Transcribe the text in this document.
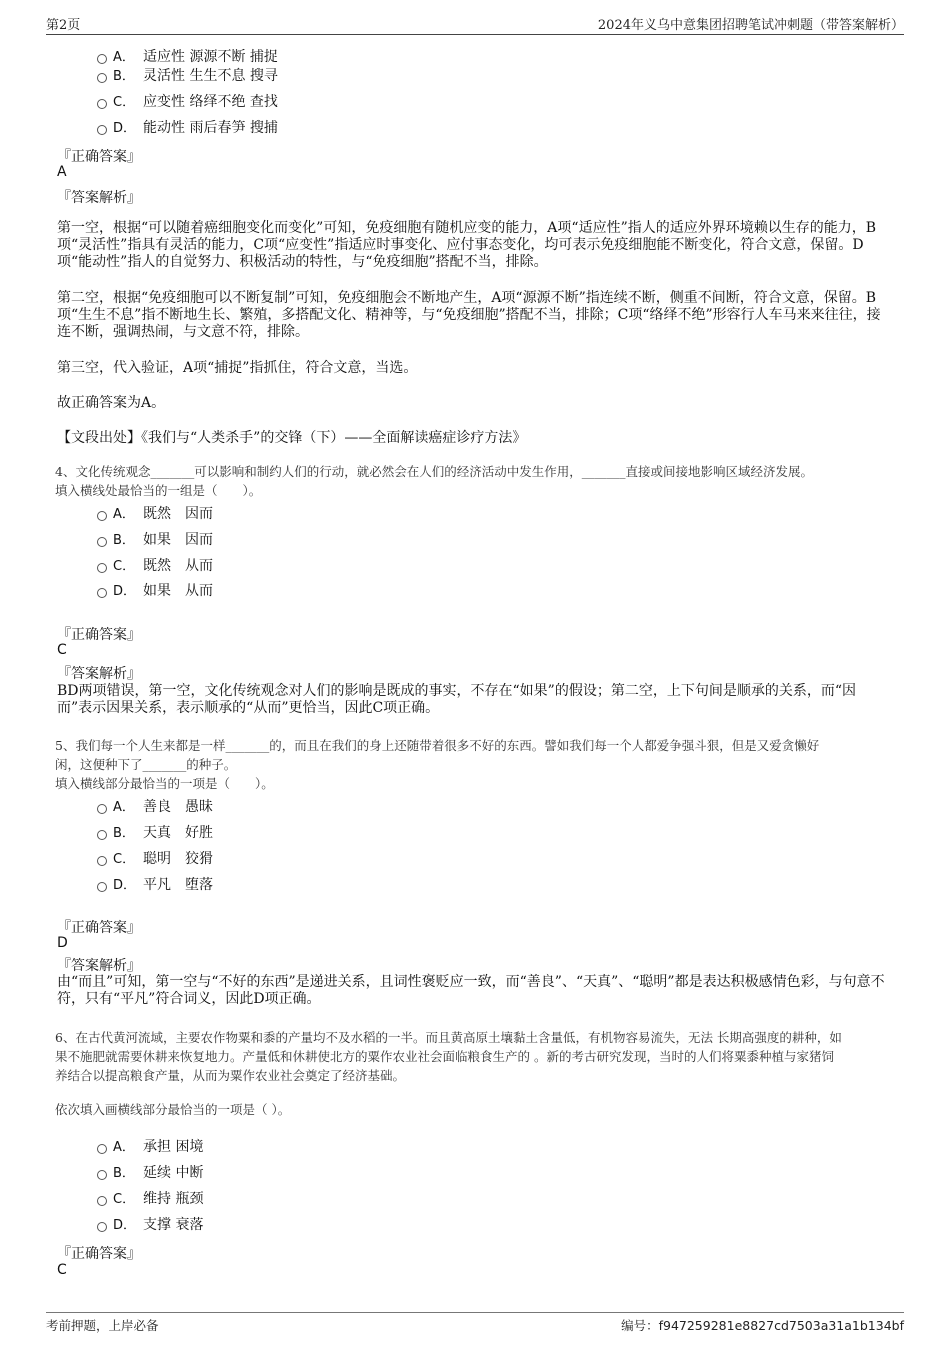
第2页	2024年义乌中意集团招聘笔试冲刺题（带答案解析）
A． 适应性 源源不断 捕捉
B． 灵活性 生生不息 搜寻
C． 应变性 络绎不绝 查找
D． 能动性 雨后春笋 搜捕
『正确答案』
A
『答案解析』
第一空，根据“可以随着癌细胞变化而变化”可知，免疫细胞有随机应变的能力，A项“适应性”指人的适应外界环境赖以生存的能力，B项“灵活性”指具有灵活的能力，C项“应变性”指适应时事变化、应付事态变化，均可表示免疫细胞能不断变化，符合文意，保留。D项“能动性”指人的自觉努力、积极活动的特性，与“免疫细胞”搭配不当，排除。
第二空，根据“免疫细胞可以不断复制”可知，免疫细胞会不断地产生，A项“源源不断”指连续不断，侧重不间断，符合文意，保留。B项“生生不息”指不断地生长、繁殖，多搭配文化、精神等，与“免疫细胞”搭配不当，排除；C项“络绎不绝”形容行人车马来来往往，接连不断，强调热闹，与文意不符，排除。
第三空，代入验证，A项“捕捉”指抓住，符合文意，当选。
故正确答案为A。
【文段出处】《我们与“人类杀手”的交锋（下）——全面解读癌症诊疗方法》
4、文化传统观念_______可以影响和制约人们的行动，就必然会在人们的经济活动中发生作用，_______直接或间接地影响区域经济发展。
填入横线处最恰当的一组是（　　）。
A． 既然　因而
B． 如果　因而
C． 既然　从而
D． 如果　从而
『正确答案』
C
『答案解析』
BD两项错误，第一空，文化传统观念对人们的影响是既成的事实，不存在“如果”的假设；第二空，上下句间是顺承的关系，而“因而”表示因果关系，表示顺承的“从而”更恰当，因此C项正确。
5、我们每一个人生来都是一样_______的，而且在我们的身上还随带着很多不好的东西。譬如我们每一个人都爱争强斗狠，但是又爱贪懒好
闲，这便种下了_______的种子。
填入横线部分最恰当的一项是（　　）。
A． 善良　愚昧
B． 天真　好胜
C． 聪明　狡猾
D． 平凡　堕落
『正确答案』
D
『答案解析』
由“而且”可知，第一空与“不好的东西”是递进关系，且词性褒贬应一致，而“善良”、“天真”、“聪明”都是表达积极感情色彩，与句意不符，只有“平凡”符合词义，因此D项正确。
6、在古代黄河流域，主要农作物粟和黍的产量均不及水稻的一半。而且黄高原土壤黏土含量低，有机物容易流失，无法 长期高强度的耕种，如
果不施肥就需要休耕来恢复地力。产量低和休耕使北方的粟作农业社会面临粮食生产的 。新的考古研究发现，当时的人们将粟黍种植与家猪饲
养结合以提高粮食产量，从而为粟作农业社会奠定了经济基础。
依次填入画横线部分最恰当的一项是（ ）。
A． 承担 困境
B． 延续 中断
C． 维持 瓶颈
D． 支撑 衰落
『正确答案』
C
考前押题，上岸必备	编号：f947259281e8827cd7503a31a1b134bf
